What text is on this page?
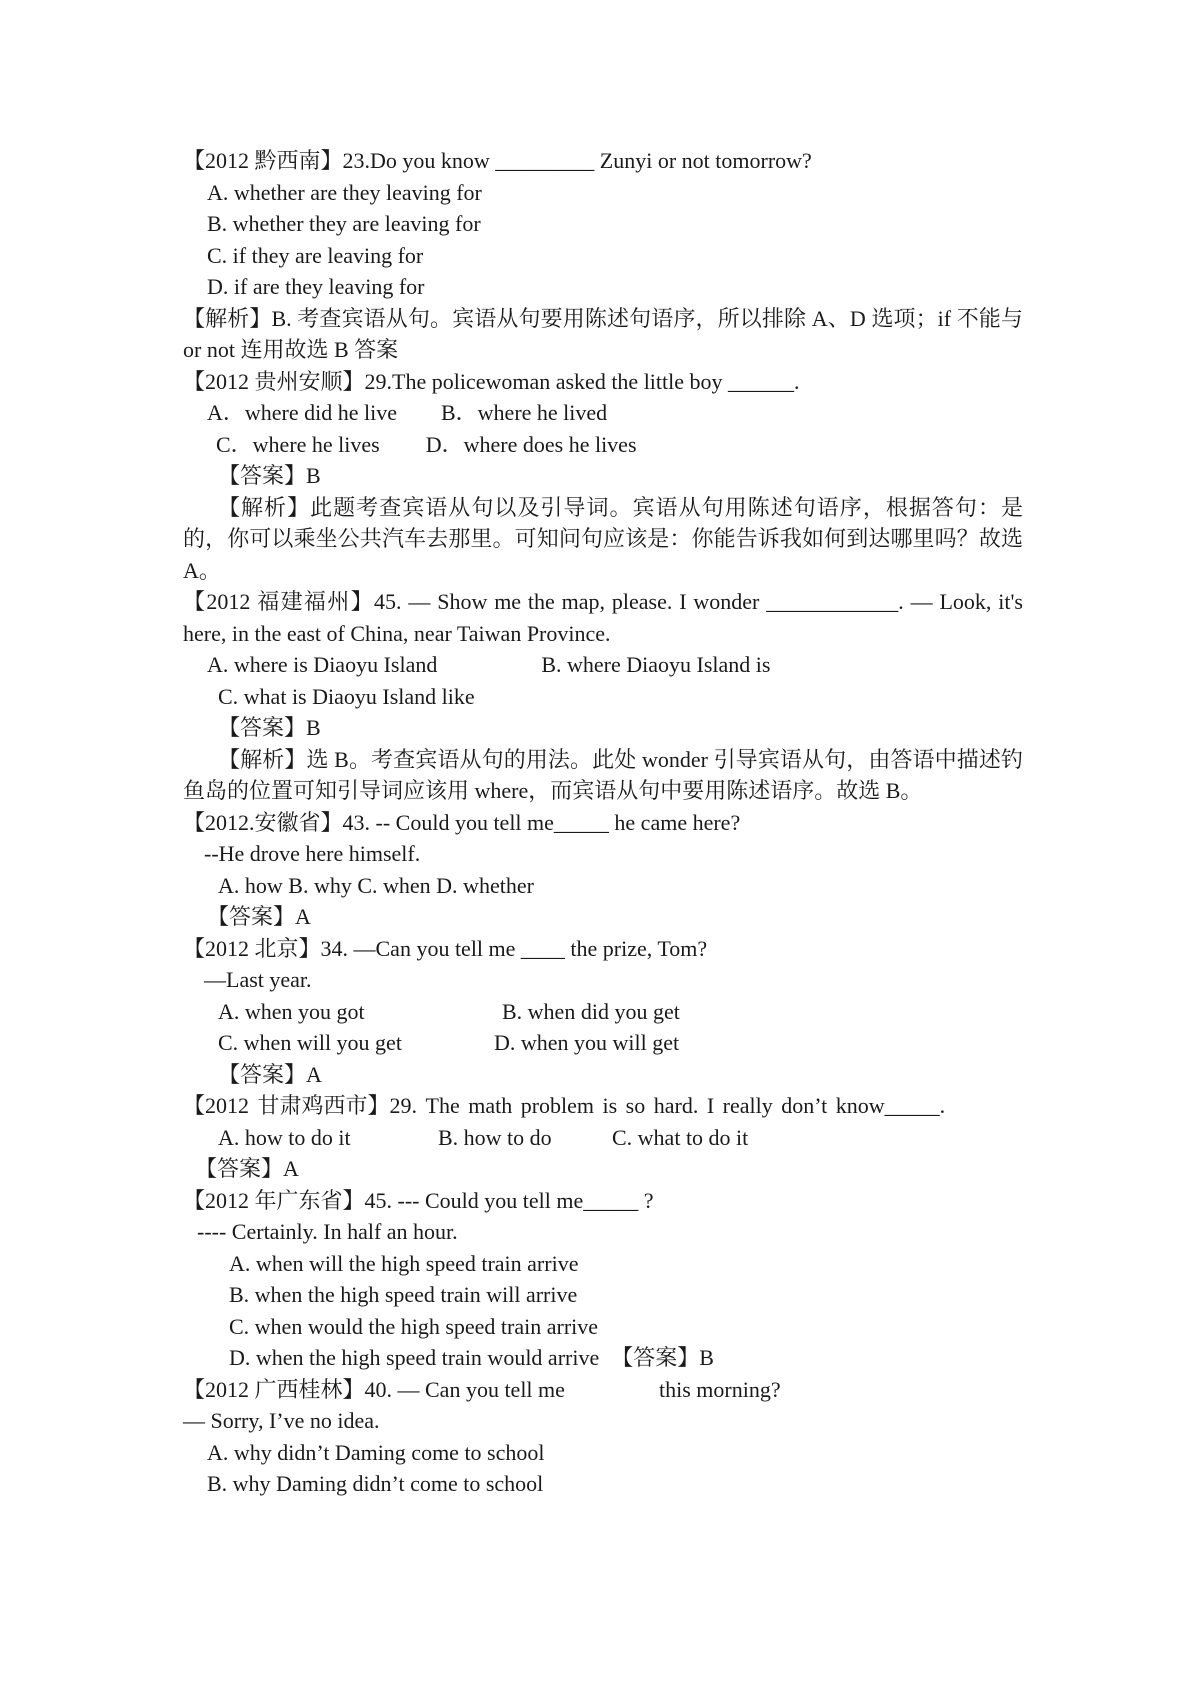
【2012 黔西南】23.Do you know _________ Zunyi or not tomorrow?
A. whether are they leaving for
B. whether they are leaving for
C. if they are leaving for
D. if are they leaving for
【解析】B. 考查宾语从句。宾语从句要用陈述句语序，所以排除 A、D 选项；if 不能与 or not 连用故选 B 答案
【2012 贵州安顺】29.The policewoman asked the little boy ______.
A．where did he live B．where he lived
C．where he lives D．where does he lives
【答案】B
【解析】此题考查宾语从句以及引导词。宾语从句用陈述句语序，根据答句：是的，你可以乘坐公共汽车去那里。可知问句应该是：你能告诉我如何到达哪里吗？故选 A。
【2012 福建福州】45. — Show me the map, please. I wonder ____________. — Look, it's here, in the east of China, near Taiwan Province.
A. where is Diaoyu Island	B. where Diaoyu Island is
C. what is Diaoyu Island like
【答案】B
【解析】选 B。考查宾语从句的用法。此处 wonder 引导宾语从句，由答语中描述钓鱼岛的位置可知引导词应该用 where，而宾语从句中要用陈述语序。故选 B。
【2012.安徽省】43. -- Could you tell me_____ he came here?
--He drove here himself.
A. how B. why C. when D. whether
【答案】A
【2012 北京】34. —Can you tell me ____ the prize, Tom?
—Last year.
A. when you got	B. when did you get
C. when will you get	D. when you will get
【答案】A
【2012 甘肃鸡西市】29. The math problem is so hard. I really don’t know_____.
A. how to do it	B. how to do	C. what to do it
【答案】A
【2012 年广东省】45. --- Could you tell me_____ ?
---- Certainly. In half an hour.
A. when will the high speed train arrive
B. when the high speed train will arrive
C. when would the high speed train arrive
D. when the high speed train would arrive 【答案】B
【2012 广西桂林】40. — Can you tell me	this morning?
— Sorry, I’ve no idea.
A. why didn’t Daming come to school
B. why Daming didn’t come to school
